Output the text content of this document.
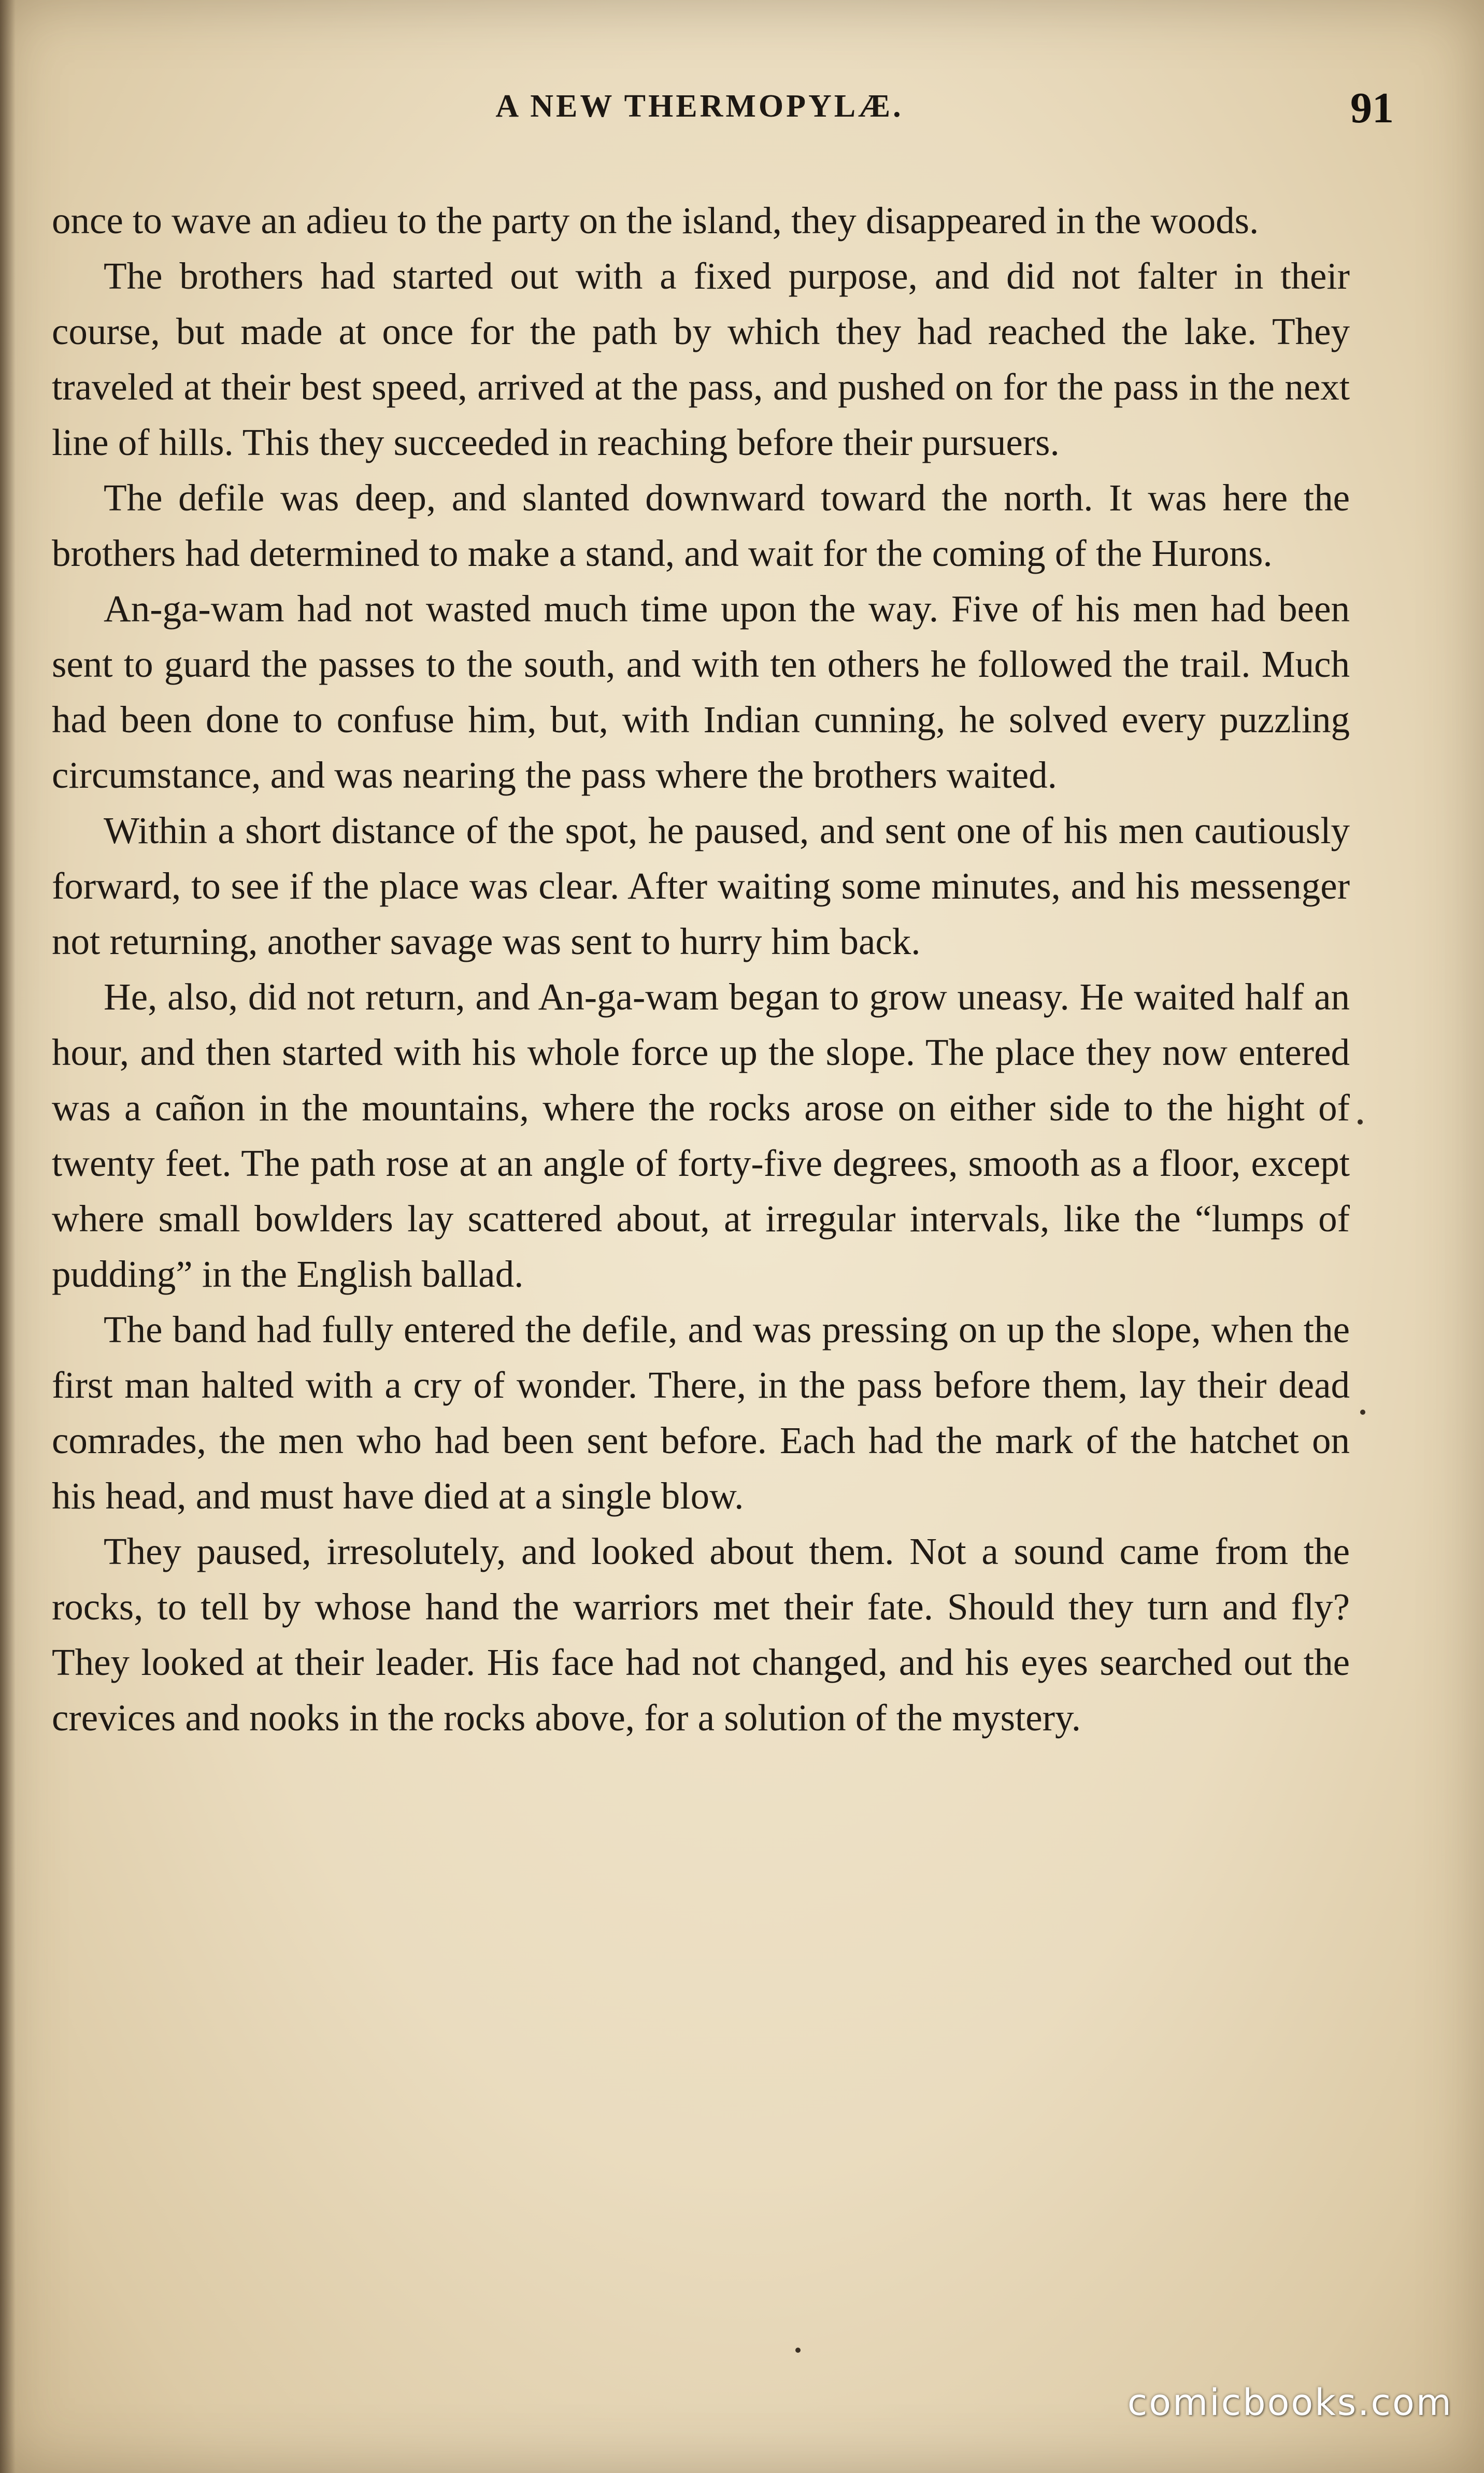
A NEW THERMOPYLÆ.	91

once to wave an adieu to the party on the island, they disappeared in the woods.

The brothers had started out with a fixed purpose, and did not falter in their course, but made at once for the path by which they had reached the lake. They traveled at their best speed, arrived at the pass, and pushed on for the pass in the next line of hills. This they succeeded in reaching before their pursuers.

The defile was deep, and slanted downward toward the north. It was here the brothers had determined to make a stand, and wait for the coming of the Hurons.

An-ga-wam had not wasted much time upon the way. Five of his men had been sent to guard the passes to the south, and with ten others he followed the trail. Much had been done to confuse him, but, with Indian cunning, he solved every puzzling circumstance, and was nearing the pass where the brothers waited.

Within a short distance of the spot, he paused, and sent one of his men cautiously forward, to see if the place was clear. After waiting some minutes, and his messenger not returning, another savage was sent to hurry him back.

He, also, did not return, and An-ga-wam began to grow uneasy. He waited half an hour, and then started with his whole force up the slope. The place they now entered was a cañon in the mountains, where the rocks arose on either side to the hight of twenty feet. The path rose at an angle of forty-five degrees, smooth as a floor, except where small bowlders lay scattered about, at irregular intervals, like the “lumps of pudding” in the English ballad.

The band had fully entered the defile, and was pressing on up the slope, when the first man halted with a cry of wonder. There, in the pass before them, lay their dead comrades, the men who had been sent before. Each had the mark of the hatchet on his head, and must have died at a single blow.

They paused, irresolutely, and looked about them. Not a sound came from the rocks, to tell by whose hand the warriors met their fate. Should they turn and fly? They looked at their leader. His face had not changed, and his eyes searched out the crevices and nooks in the rocks above, for a solution of the mystery.

comicbooks.com
